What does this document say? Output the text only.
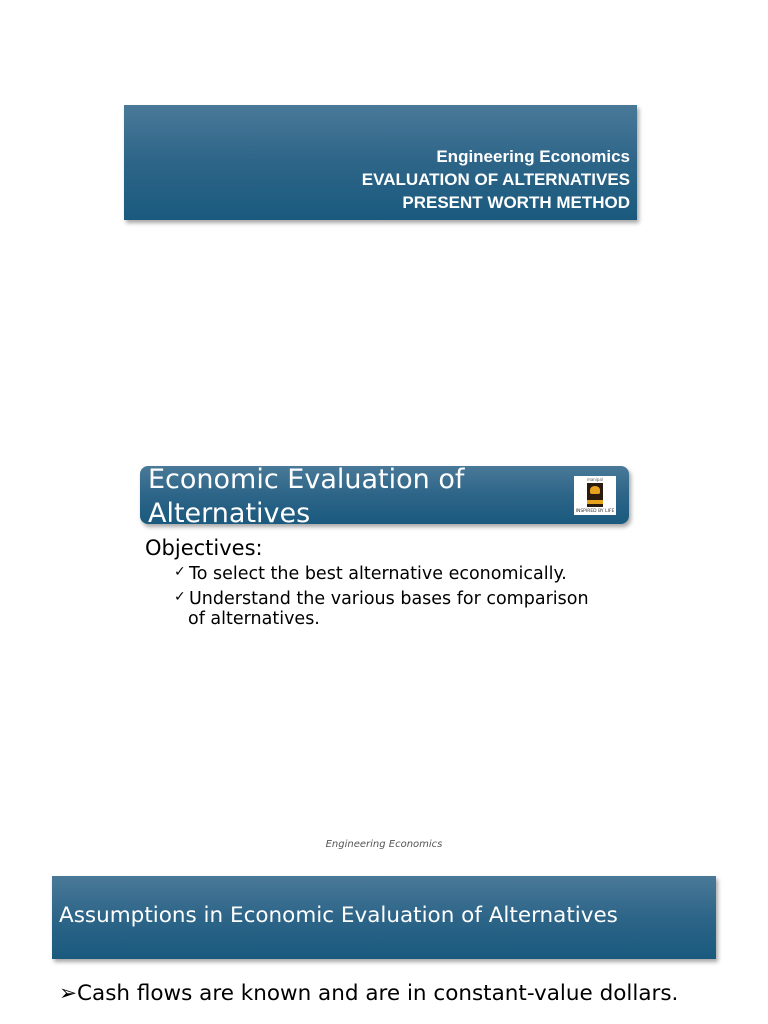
Engineering Economics
EVALUATION OF ALTERNATIVES
PRESENT WORTH METHOD
Economic Evaluation of Alternatives
manipal
INSPIRED BY LIFE
Objectives:
✓ To select the best alternative economically.
✓ Understand the various bases for comparison
of alternatives.
Engineering Economics
Assumptions in Economic Evaluation of Alternatives
➢Cash flows are known and are in constant-value dollars.
